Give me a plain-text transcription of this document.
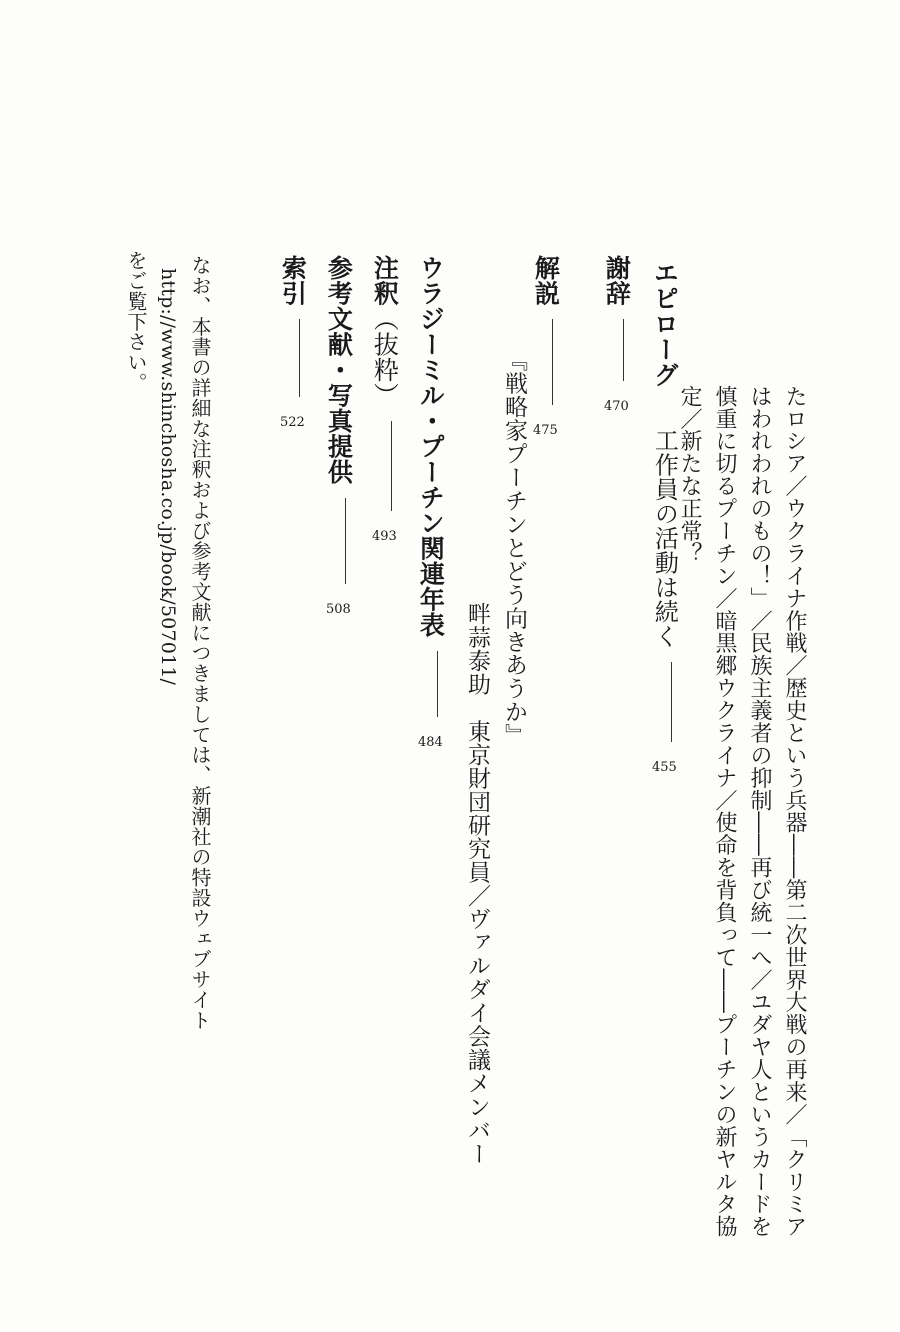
たロシア／ウクライナ作戦／歴史という兵器――第二次世界大戦の再来／「クリミア
はわれわれのもの！」／民族主義者の抑制――再び統一へ／ユダヤ人というカードを
慎重に切るプーチン／暗黒郷ウクライナ／使命を背負って――プーチンの新ヤルタ協
定／新たな正常？
エピローグ  工作員の活動は続く  455
謝辞  470
解説  475
『戦略家プーチンとどう向きあうか』
畔蒜泰助　東京財団研究員／ヴァルダイ会議メンバー
ウラジーミル・プーチン関連年表  484
注釈（抜粋）  493
参考文献・写真提供  508
索引  522
なお、本書の詳細な注釈および参考文献につきましては、新潮社の特設ウェブサイト
http://www.shinchosha.co.jp/book/507011/
をご覧下さい。
